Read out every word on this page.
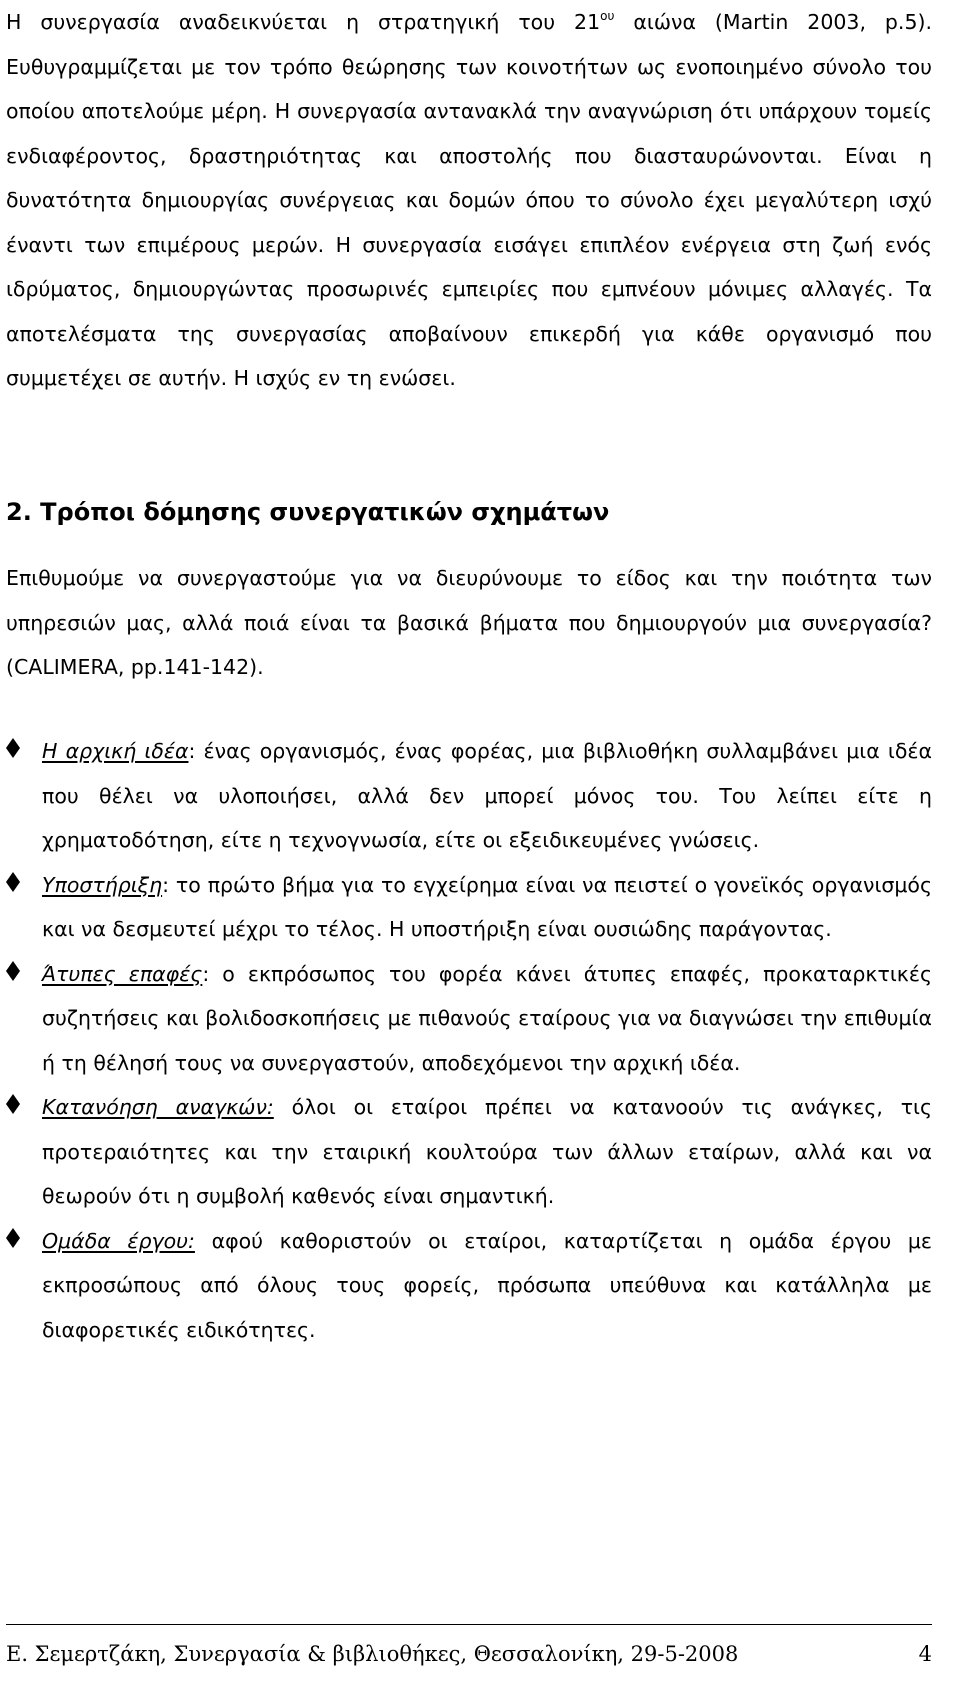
Η συνεργασία αναδεικνύεται η στρατηγική του $21^{o\upsilon}$ αιώνα (Martin 2003, p.5). Ευθυγραμμίζεται με τον τρόπο θεώρησης των κοινοτήτων ως ενοποιημένο σύνολο του οποίου αποτελούμε μέρη. Η συνεργασία αντανακλά την αναγνώριση ότι υπάρχουν τομείς ενδιαφέροντος, δραστηριότητας και αποστολής που διασταυρώνονται. Είναι η δυνατότητα δημιουργίας συνέργειας και δομών όπου το σύνολο έχει μεγαλύτερη ισχύ έναντι των επιμέρους μερών. Η συνεργασία εισάγει επιπλέον ενέργεια στη ζωή ενός ιδρύματος, δημιουργώντας προσωρινές εμπειρίες που εμπνέουν μόνιμες αλλαγές. Τα αποτελέσματα της συνεργασίας αποβαίνουν επικερδή για κάθε οργανισμό που συμμετέχει σε αυτήν. Η ισχύς εν τη ενώσει.

2. Τρόποι δόμησης συνεργατικών σχημάτων

Επιθυμούμε να συνεργαστούμε για να διευρύνουμε το είδος και την ποιότητα των υπηρεσιών μας, αλλά ποιά είναι τα βασικά βήματα που δημιουργούν μια συνεργασία? (CALIMERA, pp.141-142).

Η αρχική ιδέα: ένας οργανισμός, ένας φορέας, μια βιβλιοθήκη συλλαμβάνει μια ιδέα που θέλει να υλοποιήσει, αλλά δεν μπορεί μόνος του. Του λείπει είτε η χρηματοδότηση, είτε η τεχνογνωσία, είτε οι εξειδικευμένες γνώσεις.

Υποστήριξη: το πρώτο βήμα για το εγχείρημα είναι να πειστεί ο γονεϊκός οργανισμός και να δεσμευτεί μέχρι το τέλος. Η υποστήριξη είναι ουσιώδης παράγοντας.

Άτυπες επαφές: ο εκπρόσωπος του φορέα κάνει άτυπες επαφές, προκαταρκτικές συζητήσεις και βολιδοσκοπήσεις με πιθανούς εταίρους για να διαγνώσει την επιθυμία ή τη θέλησή τους να συνεργαστούν, αποδεχόμενοι την αρχική ιδέα.

Κατανόηση αναγκών: όλοι οι εταίροι πρέπει να κατανοούν τις ανάγκες, τις προτεραιότητες και την εταιρική κουλτούρα των άλλων εταίρων, αλλά και να θεωρούν ότι η συμβολή καθενός είναι σημαντική.

Ομάδα έργου: αφού καθοριστούν οι εταίροι, καταρτίζεται η ομάδα έργου με εκπροσώπους από όλους τους φορείς, πρόσωπα υπεύθυνα και κατάλληλα με διαφορετικές ειδικότητες.

Ε. Σεμερτζάκη, Συνεργασία & βιβλιοθήκες, Θεσσαλονίκη, 29-5-2008	4
